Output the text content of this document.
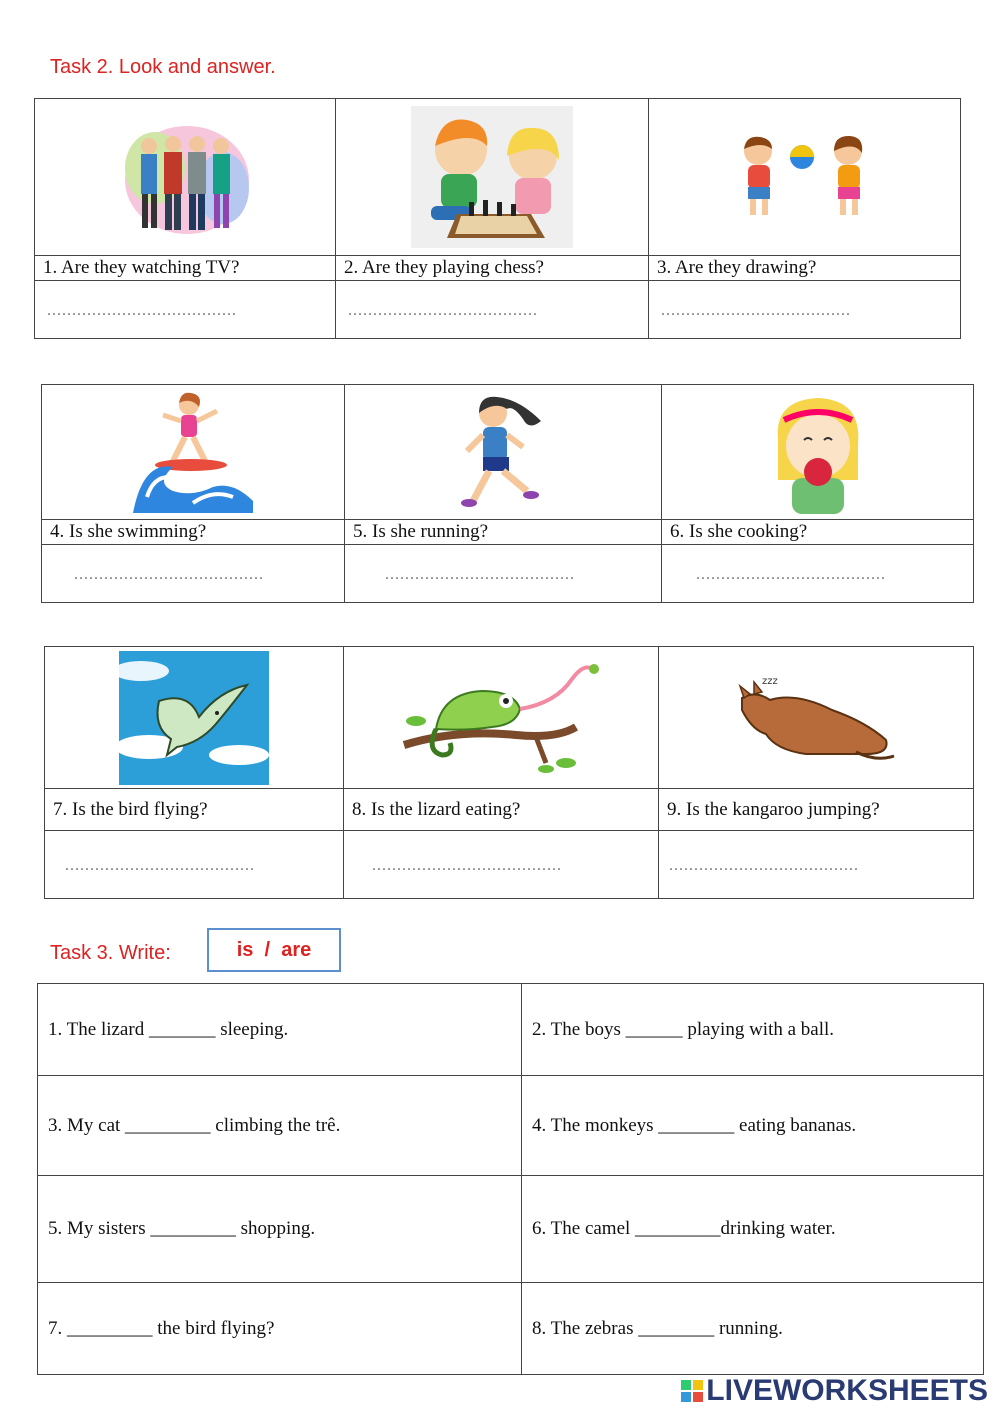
Task 2. Look and answer.

1. Are they watching TV?	2. Are they playing chess?	3. Are they drawing?
......................................	......................................	......................................

4. Is she swimming?	5. Is she running?	6. Is she cooking?
......................................	......................................	......................................

zzz

7. Is the bird flying?	8. Is the lizard eating?	9. Is the kangaroo jumping?
......................................	......................................	......................................
Task 3. Write:	is  /  are
1. The lizard _______ sleeping.	2. The boys ______ playing with a ball.
3. My cat _________ climbing the trê.	4. The monkeys ________ eating bananas.
5. My sisters _________ shopping.	6. The camel _________drinking water.
7. _________ the bird flying?	8. The zebras ________ running.
LIVEWORKSHEETS
